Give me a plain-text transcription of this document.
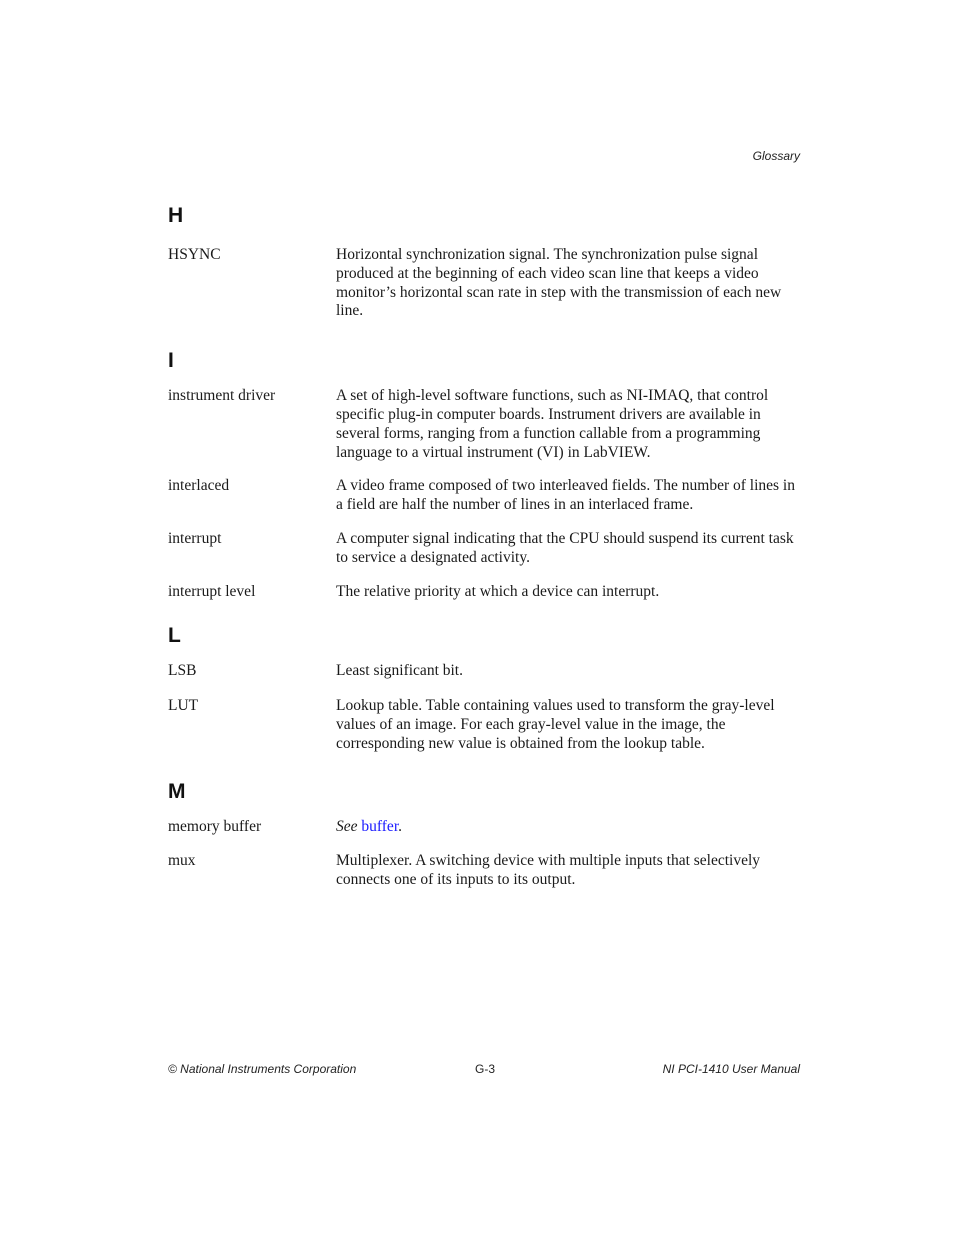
Glossary
H
HSYNC	Horizontal synchronization signal. The synchronization pulse signal produced at the beginning of each video scan line that keeps a video monitor’s horizontal scan rate in step with the transmission of each new line.
I
instrument driver	A set of high-level software functions, such as NI-IMAQ, that control specific plug-in computer boards. Instrument drivers are available in several forms, ranging from a function callable from a programming language to a virtual instrument (VI) in LabVIEW.
interlaced	A video frame composed of two interleaved fields. The number of lines in a field are half the number of lines in an interlaced frame.
interrupt	A computer signal indicating that the CPU should suspend its current task to service a designated activity.
interrupt level	The relative priority at which a device can interrupt.
L
LSB	Least significant bit.
LUT	Lookup table. Table containing values used to transform the gray-level values of an image. For each gray-level value in the image, the corresponding new value is obtained from the lookup table.
M
memory buffer	See buffer.
mux	Multiplexer. A switching device with multiple inputs that selectively connects one of its inputs to its output.
© National Instruments Corporation	G-3	NI PCI-1410 User Manual
